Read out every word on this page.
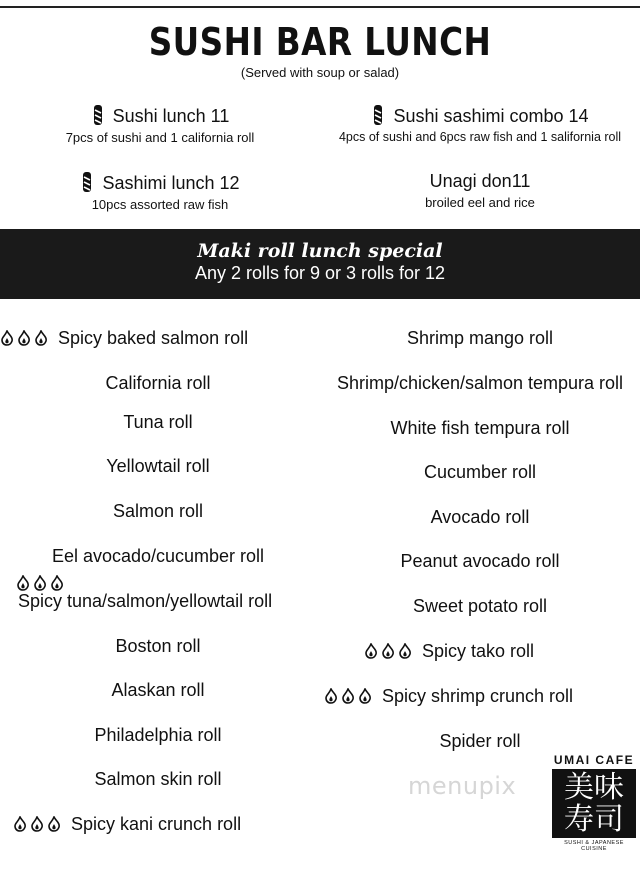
SUSHI BAR LUNCH
(Served with soup or salad)
Sushi lunch 11
7pcs of sushi and 1 california roll
Sushi sashimi combo 14
4pcs of sushi and 6pcs raw fish and 1 salifornia roll
Sashimi lunch 12
10pcs assorted raw fish
Unagi don11
broiled eel and rice
Maki roll lunch special
Any 2 rolls for 9 or 3 rolls for 12
Spicy baked salmon roll
California roll
Tuna roll
Yellowtail roll
Salmon roll
Eel avocado/cucumber roll
Spicy tuna/salmon/yellowtail roll
Boston roll
Alaskan roll
Philadelphia roll
Salmon skin roll
Spicy kani crunch roll
Shrimp mango roll
Shrimp/chicken/salmon tempura roll
White fish tempura roll
Cucumber roll
Avocado roll
Peanut avocado roll
Sweet potato roll
Spicy tako roll
Spicy shrimp crunch roll
Spider roll
menupix
UMAI CAFE
美味
寿司
SUSHI & JAPANESE CUISINE
